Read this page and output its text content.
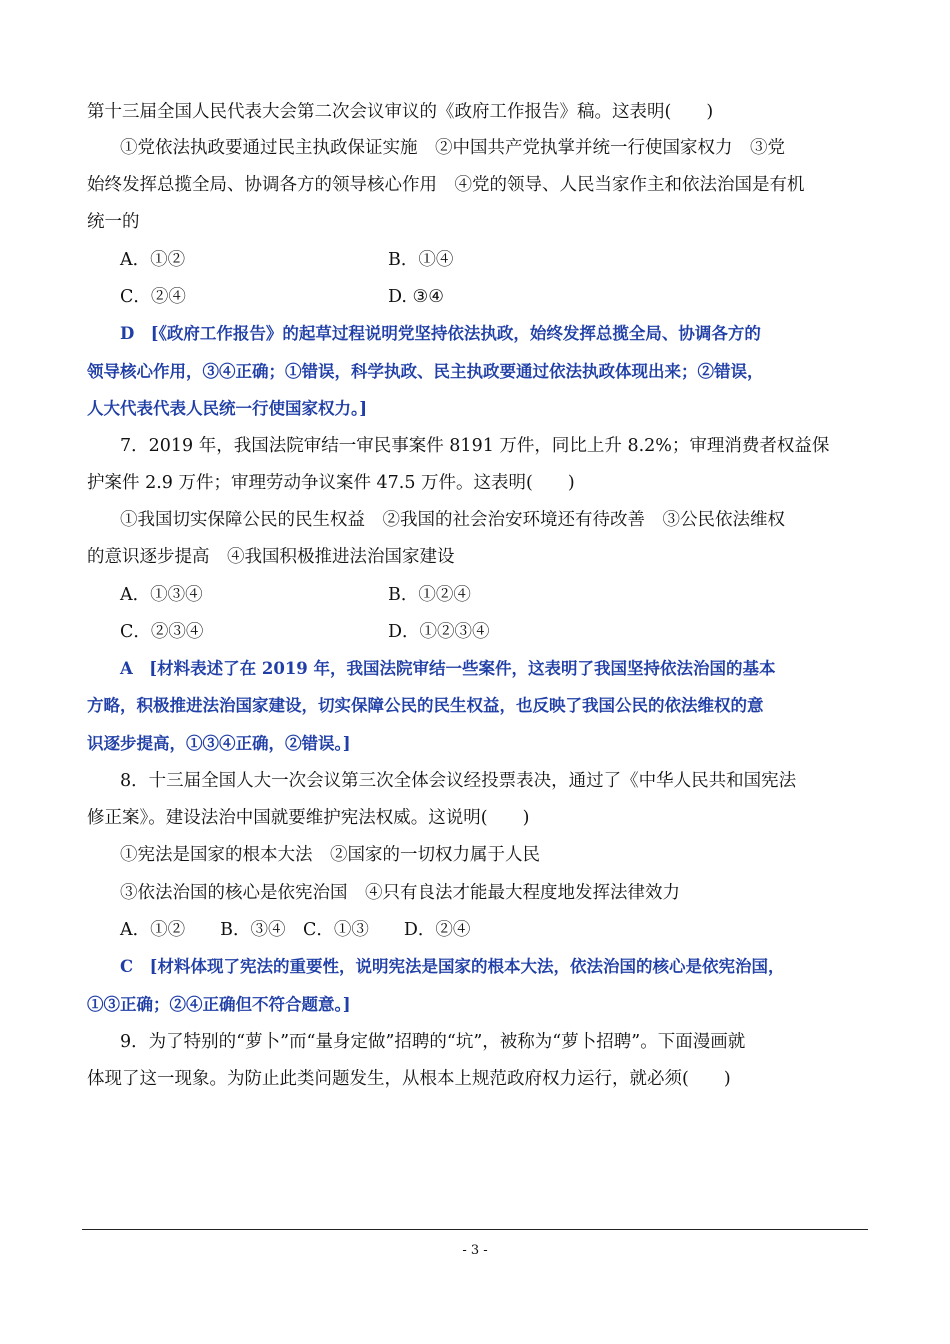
第十三届全国人民代表大会第二次会议审议的《政府工作报告》稿。这表明(　　)
①党依法执政要通过民主执政保证实施　②中国共产党执掌并统一行使国家权力　③党
始终发挥总揽全局、协调各方的领导核心作用　④党的领导、人民当家作主和依法治国是有机
统一的
A．①②	B．①④
C．②④	D. ③④
D　[《政府工作报告》的起草过程说明党坚持依法执政，始终发挥总揽全局、协调各方的
领导核心作用，③④正确；①错误，科学执政、民主执政要通过依法执政体现出来；②错误，
人大代表代表人民统一行使国家权力。]
7．2019 年，我国法院审结一审民事案件 8191 万件，同比上升 8.2%；审理消费者权益保
护案件 2.9 万件；审理劳动争议案件 47.5 万件。这表明(　　)
①我国切实保障公民的民生权益　②我国的社会治安环境还有待改善　③公民依法维权
的意识逐步提高　④我国积极推进法治国家建设
A．①③④	B．①②④
C．②③④	D．①②③④
A　[材料表述了在 2019 年，我国法院审结一些案件，这表明了我国坚持依法治国的基本
方略，积极推进法治国家建设，切实保障公民的民生权益，也反映了我国公民的依法维权的意
识逐步提高，①③④正确，②错误。]
8．十三届全国人大一次会议第三次全体会议经投票表决，通过了《中华人民共和国宪法
修正案》。建设法治中国就要维护宪法权威。这说明(　　)
①宪法是国家的根本大法　②国家的一切权力属于人民
③依法治国的核心是依宪治国　④只有良法才能最大程度地发挥法律效力
A．①②　　B．③④　C．①③　　D．②④
C　[材料体现了宪法的重要性，说明宪法是国家的根本大法，依法治国的核心是依宪治国，
①③正确；②④正确但不符合题意。]
9．为了特别的“萝卜”而“量身定做”招聘的“坑”，被称为“萝卜招聘”。下面漫画就
体现了这一现象。为防止此类问题发生，从根本上规范政府权力运行，就必须(　　)
- 3 -
